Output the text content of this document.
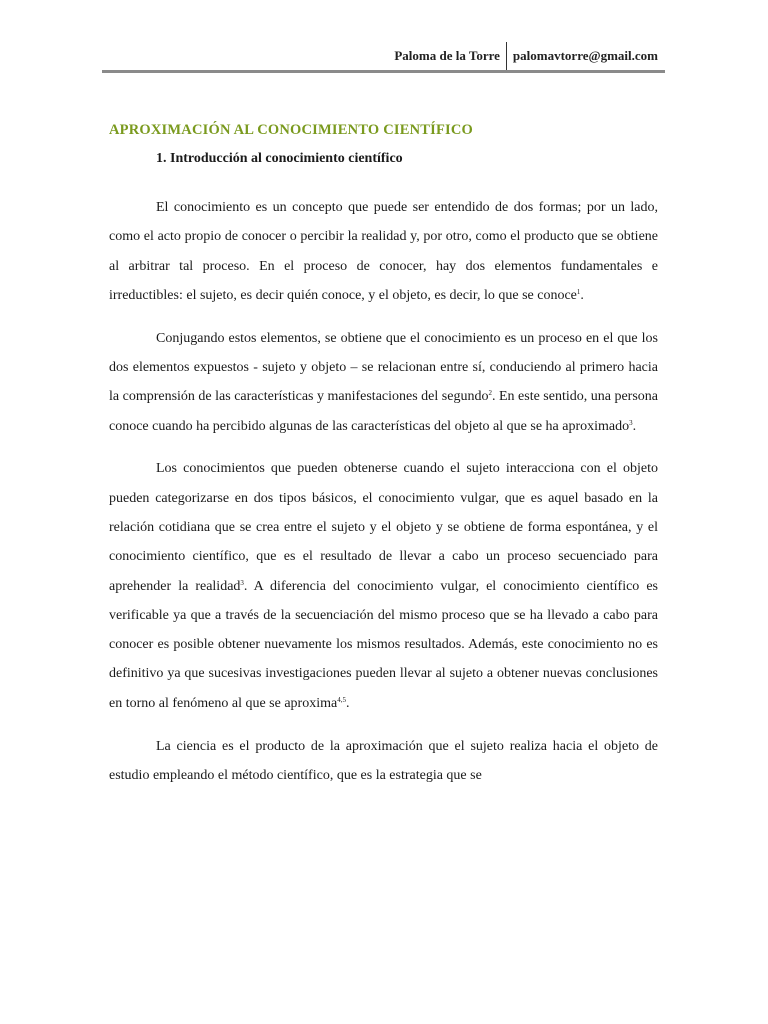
Paloma de la Torre	palomavtorre@gmail.com
APROXIMACIÓN AL CONOCIMIENTO CIENTÍFICO
1. Introducción al conocimiento científico

El conocimiento es un concepto que puede ser entendido de dos formas; por un lado, como el acto propio de conocer o percibir la realidad y, por otro, como el producto que se obtiene al arbitrar tal proceso. En el proceso de conocer, hay dos elementos fundamentales e irreductibles: el sujeto, es decir quién conoce, y el objeto, es decir, lo que se conoce$^1$.

Conjugando estos elementos, se obtiene que el conocimiento es un proceso en el que los dos elementos expuestos - sujeto y objeto – se relacionan entre sí, conduciendo al primero hacia la comprensión de las características y manifestaciones del segundo$^2$. En este sentido, una persona conoce cuando ha percibido algunas de las características del objeto al que se ha aproximado$^3$.

Los conocimientos que pueden obtenerse cuando el sujeto interacciona con el objeto pueden categorizarse en dos tipos básicos, el conocimiento vulgar, que es aquel basado en la relación cotidiana que se crea entre el sujeto y el objeto y se obtiene de forma espontánea, y el conocimiento científico, que es el resultado de llevar a cabo un proceso secuenciado para aprehender la realidad$^3$. A diferencia del conocimiento vulgar, el conocimiento científico es verificable ya que a través de la secuenciación del mismo proceso que se ha llevado a cabo para conocer es posible obtener nuevamente los mismos resultados. Además, este conocimiento no es definitivo ya que sucesivas investigaciones pueden llevar al sujeto a obtener nuevas conclusiones en torno al fenómeno al que se aproxima$^{4,5}$.

La ciencia es el producto de la aproximación que el sujeto realiza hacia el objeto de estudio empleando el método científico, que es la estrategia que se
